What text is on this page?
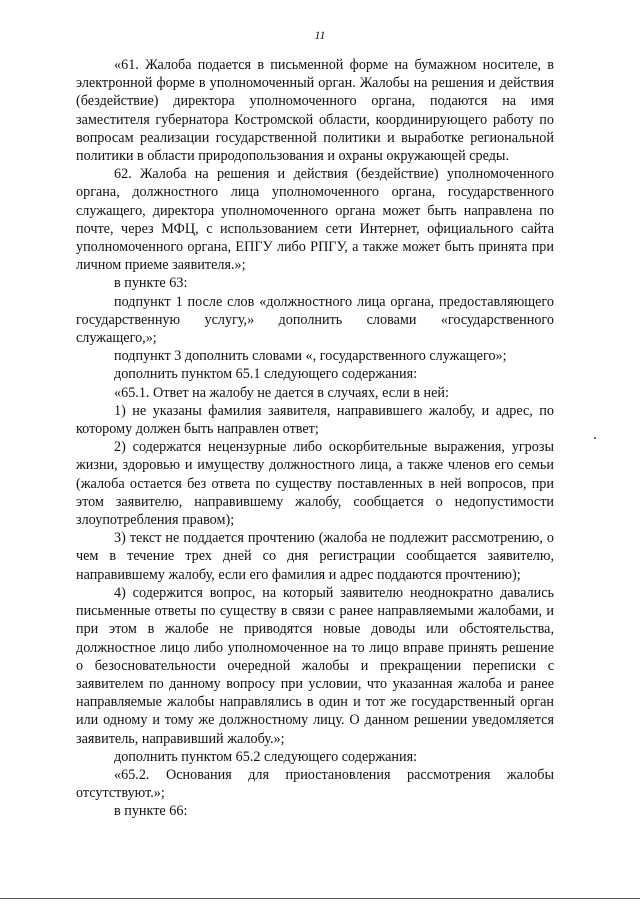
11

«61. Жалоба подается в письменной форме на бумажном носителе, в электронной форме в уполномоченный орган. Жалобы на решения и действия (бездействие) директора уполномоченного органа, подаются на имя заместителя губернатора Костромской области, координирующего работу по вопросам реализации государственной политики и выработке региональной политики в области природопользования и охраны окружающей среды.

62. Жалоба на решения и действия (бездействие) уполномоченного органа, должностного лица уполномоченного органа, государственного служащего, директора уполномоченного органа может быть направлена по почте, через МФЦ, с использованием сети Интернет, официального сайта уполномоченного органа, ЕПГУ либо РПГУ, а также может быть принята при личном приеме заявителя.»;

в пункте 63:

подпункт 1 после слов «должностного лица органа, предоставляющего государственную услугу,» дополнить словами «государственного служащего,»;

подпункт 3 дополнить словами «, государственного служащего»;

дополнить пунктом 65.1 следующего содержания:

«65.1. Ответ на жалобу не дается в случаях, если в ней:

1) не указаны фамилия заявителя, направившего жалобу, и адрес, по которому должен быть направлен ответ;

2) содержатся нецензурные либо оскорбительные выражения, угрозы жизни, здоровью и имуществу должностного лица, а также членов его семьи (жалоба остается без ответа по существу поставленных в ней вопросов, при этом заявителю, направившему жалобу, сообщается о недопустимости злоупотребления правом);

3) текст не поддается прочтению (жалоба не подлежит рассмотрению, о чем в течение трех дней со дня регистрации сообщается заявителю, направившему жалобу, если его фамилия и адрес поддаются прочтению);

4) содержится вопрос, на который заявителю неоднократно давались письменные ответы по существу в связи с ранее направляемыми жалобами, и при этом в жалобе не приводятся новые доводы или обстоятельства, должностное лицо либо уполномоченное на то лицо вправе принять решение о безосновательности очередной жалобы и прекращении переписки с заявителем по данному вопросу при условии, что указанная жалоба и ранее направляемые жалобы направлялись в один и тот же государственный орган или одному и тому же должностному лицу. О данном решении уведомляется заявитель, направивший жалобу.»;

дополнить пунктом 65.2 следующего содержания:

«65.2. Основания для приостановления рассмотрения жалобы отсутствуют.»;

в пункте 66:
